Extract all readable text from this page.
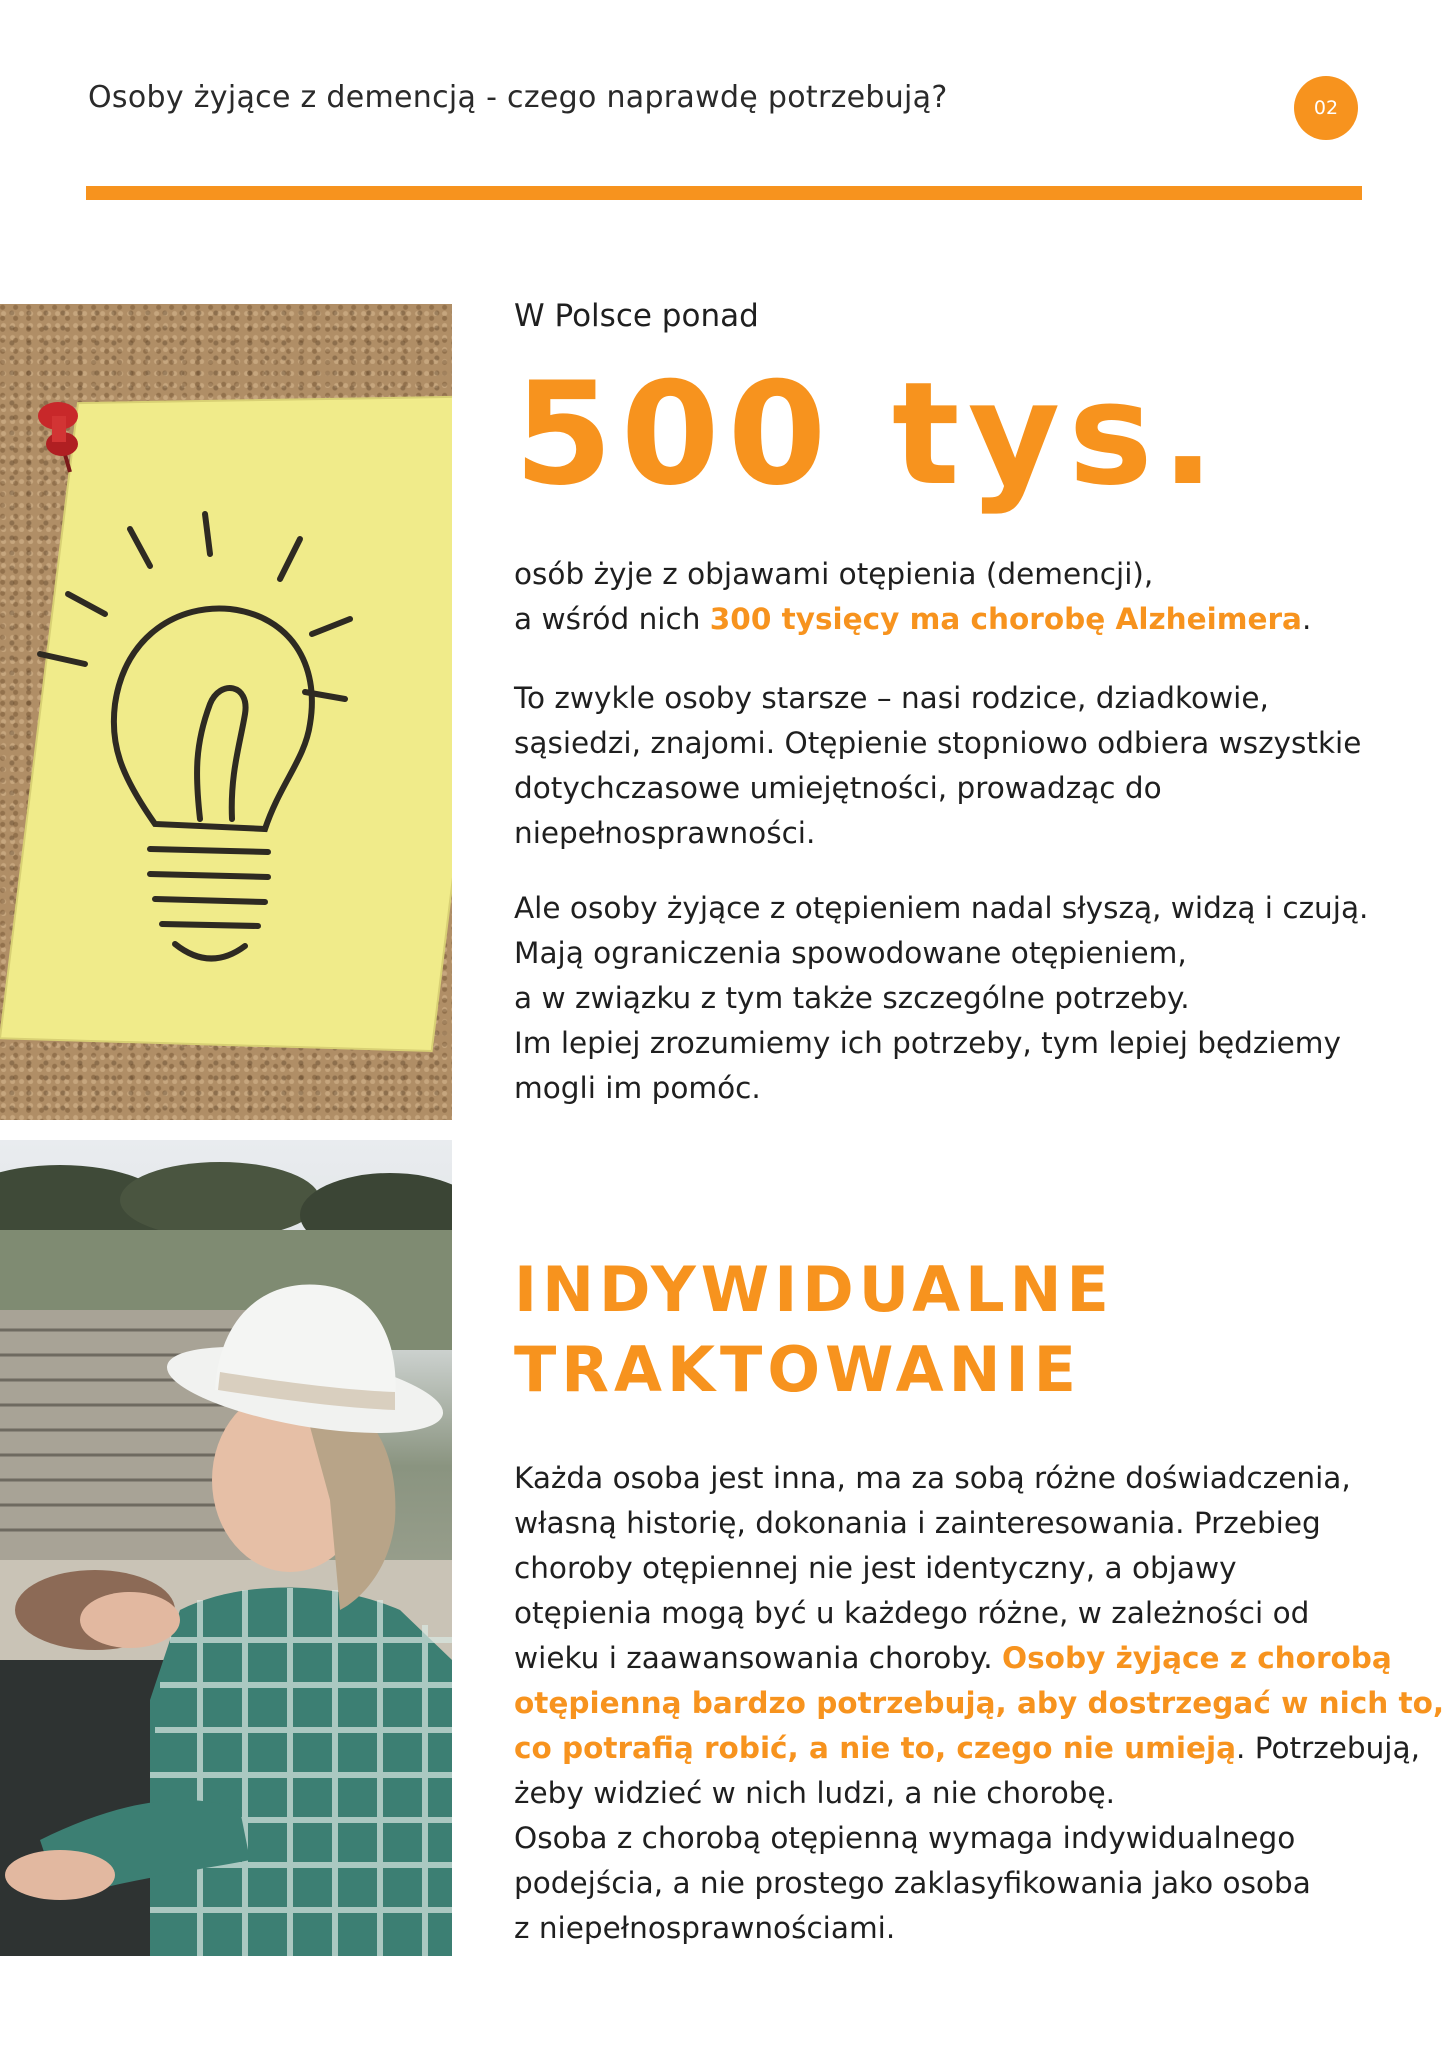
Osoby żyjące z demencją - czego naprawdę potrzebują?	02
W Polsce ponad
500 tys.

osób żyje z objawami otępienia (demencji),
a wśród nich 300 tysięcy ma chorobę Alzheimera.

To zwykle osoby starsze – nasi rodzice, dziadkowie,
sąsiedzi, znajomi. Otępienie stopniowo odbiera wszystkie
dotychczasowe umiejętności, prowadząc do
niepełnosprawności.

Ale osoby żyjące z otępieniem nadal słyszą, widzą i czują.
Mają ograniczenia spowodowane otępieniem,
a w związku z tym także szczególne potrzeby.
Im lepiej zrozumiemy ich potrzeby, tym lepiej będziemy
mogli im pomóc.

INDYWIDUALNE
TRAKTOWANIE

Każda osoba jest inna, ma za sobą różne doświadczenia,
własną historię, dokonania i zainteresowania. Przebieg
choroby otępiennej nie jest identyczny, a objawy
otępienia mogą być u każdego różne, w zależności od
wieku i zaawansowania choroby. Osoby żyjące z chorobą
otępienną bardzo potrzebują, aby dostrzegać w nich to,
co potrafią robić, a nie to, czego nie umieją. Potrzebują,
żeby widzieć w nich ludzi, a nie chorobę.
Osoba z chorobą otępienną wymaga indywidualnego
podejścia, a nie prostego zaklasyfikowania jako osoba
z niepełnosprawnościami.
